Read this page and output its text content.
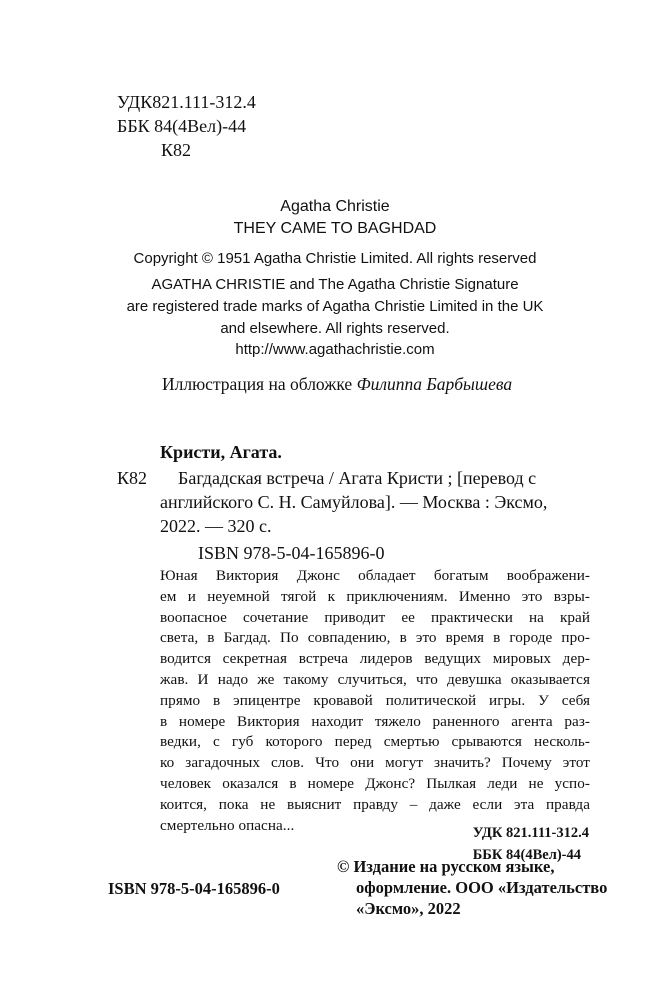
УДК821.111-312.4
ББК 84(4Вел)-44
К82
Agatha Christie
THEY CAME TO BAGHDAD
Copyright © 1951 Agatha Christie Limited. All rights reserved
AGATHA CHRISTIE and The Agatha Christie Signature
are registered trade marks of Agatha Christie Limited in the UK
and elsewhere. All rights reserved.
http://www.agathachristie.com
Иллюстрация на обложке Филиппа Барбышева
Кристи, Агата.
К82 Багдадская встреча / Агата Кристи ; [перевод с
английского С. Н. Самуйлова]. — Москва : Эксмо,
2022. — 320 с.
ISBN 978-5-04-165896-0
Юная Виктория Джонс обладает богатым воображени-
ем и неуемной тягой к приключениям. Именно это взры-
воопасное сочетание приводит ее практически на край
света, в Багдад. По совпадению, в это время в городе про-
водится секретная встреча лидеров ведущих мировых дер-
жав. И надо же такому случиться, что девушка оказывается
прямо в эпицентре кровавой политической игры. У себя
в номере Виктория находит тяжело раненного агента раз-
ведки, с губ которого перед смертью срываются несколь-
ко загадочных слов. Что они могут значить? Почему этот
человек оказался в номере Джонс? Пылкая леди не успо-
коится, пока не выяснит правду – даже если эта правда
смертельно опасна...	УДК 821.111-312.4
ББК 84(4Вел)-44
© Издание на русском языке,
оформление. ООО «Издательство
«Эксмо», 2022
ISBN 978-5-04-165896-0
